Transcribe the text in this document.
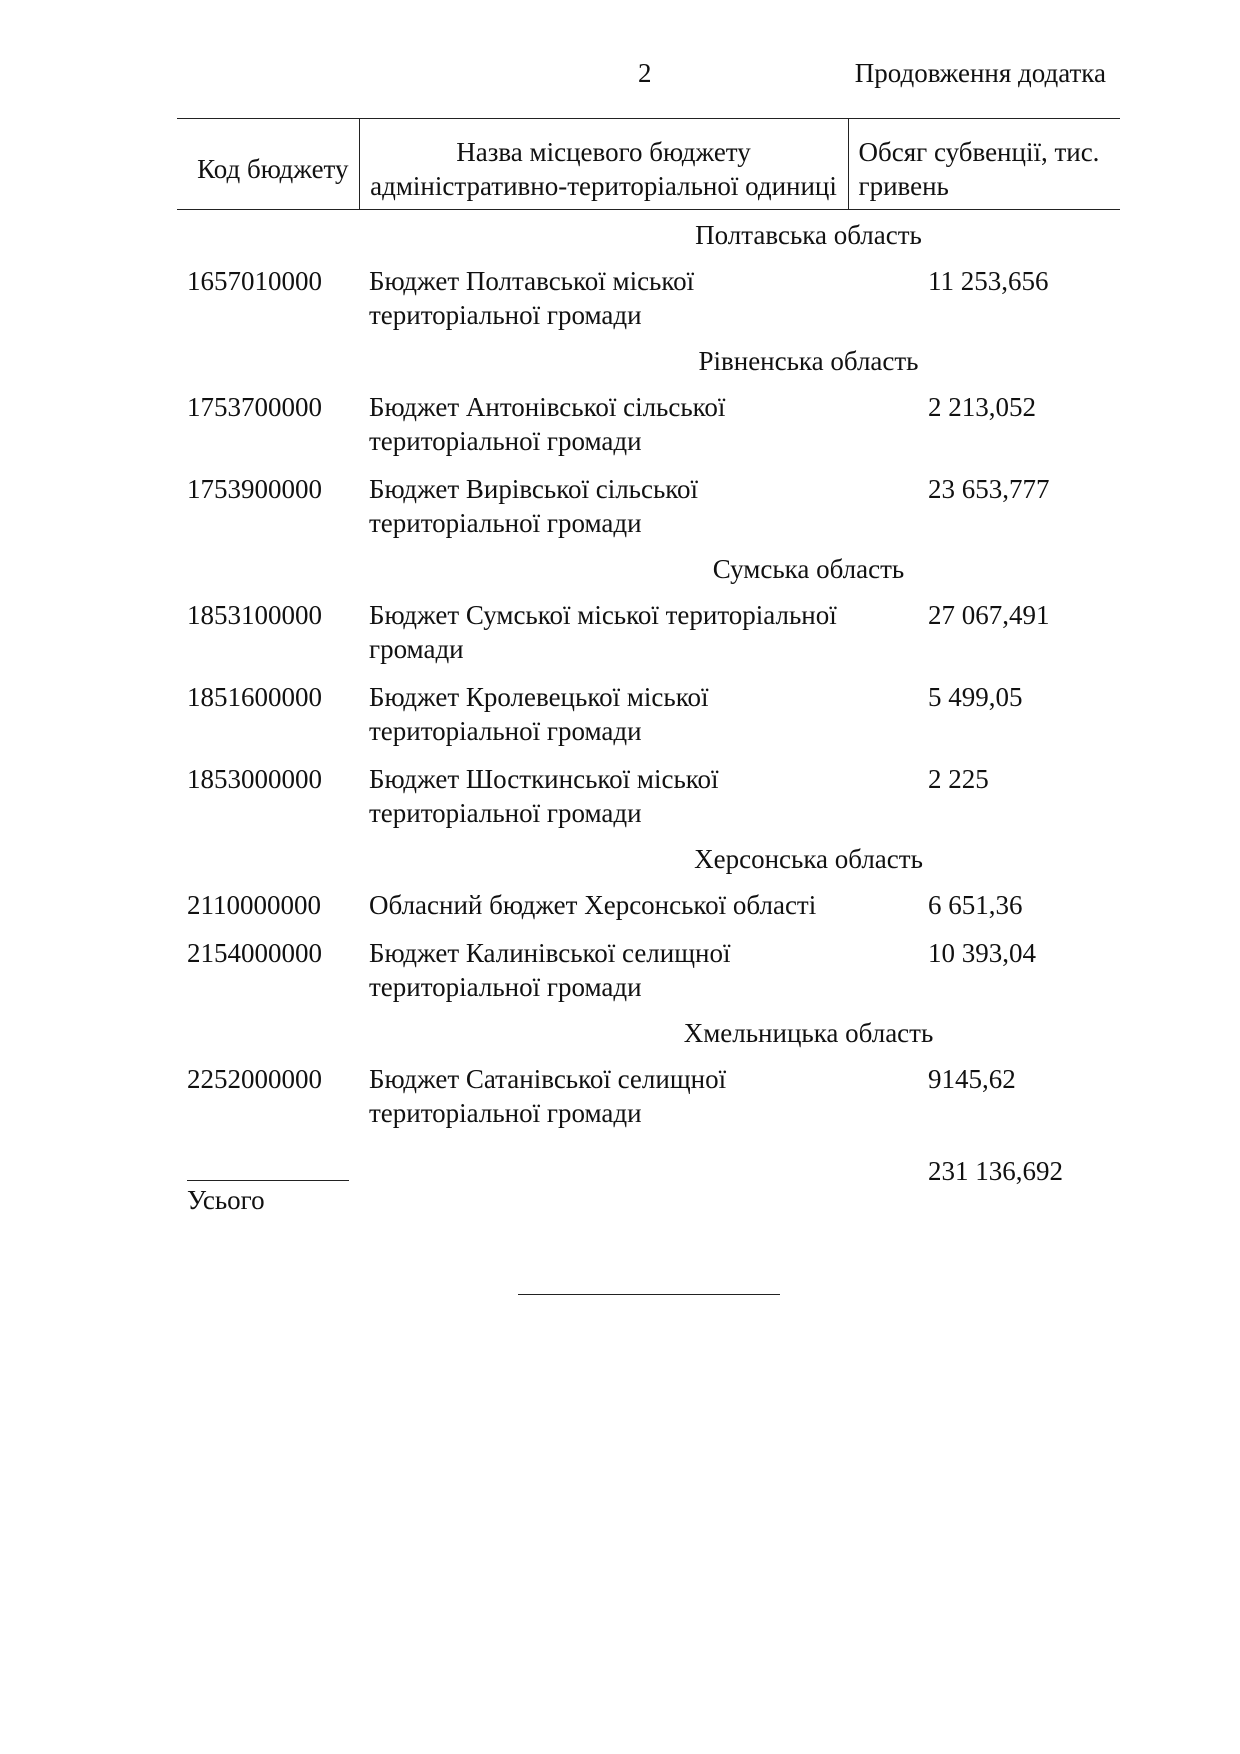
2	Продовження додатка
Код бюджету	Назва місцевого бюджету адміністративно-територіальної одиниці	Обсяг субвенції, тис. гривень
Полтавська область		
1657010000	Бюджет Полтавської міської територіальної громади	11 253,656
Рівненська область		
1753700000	Бюджет Антонівської сільської територіальної громади	2 213,052
1753900000	Бюджет Вирівської сільської територіальної громади	23 653,777
Сумська область		
1853100000	Бюджет Сумської міської територіальної громади	27 067,491
1851600000	Бюджет Кролевецької міської територіальної громади	5 499,05
1853000000	Бюджет Шосткинської міської територіальної громади	2 225
Херсонська область		
2110000000	Обласний бюджет Херсонської області	6 651,36
2154000000	Бюджет Калинівської селищної територіальної громади	10 393,04
Хмельницька область		
2252000000	Бюджет Сатанівської селищної територіальної громади	9145,62

Усього		231 136,692
